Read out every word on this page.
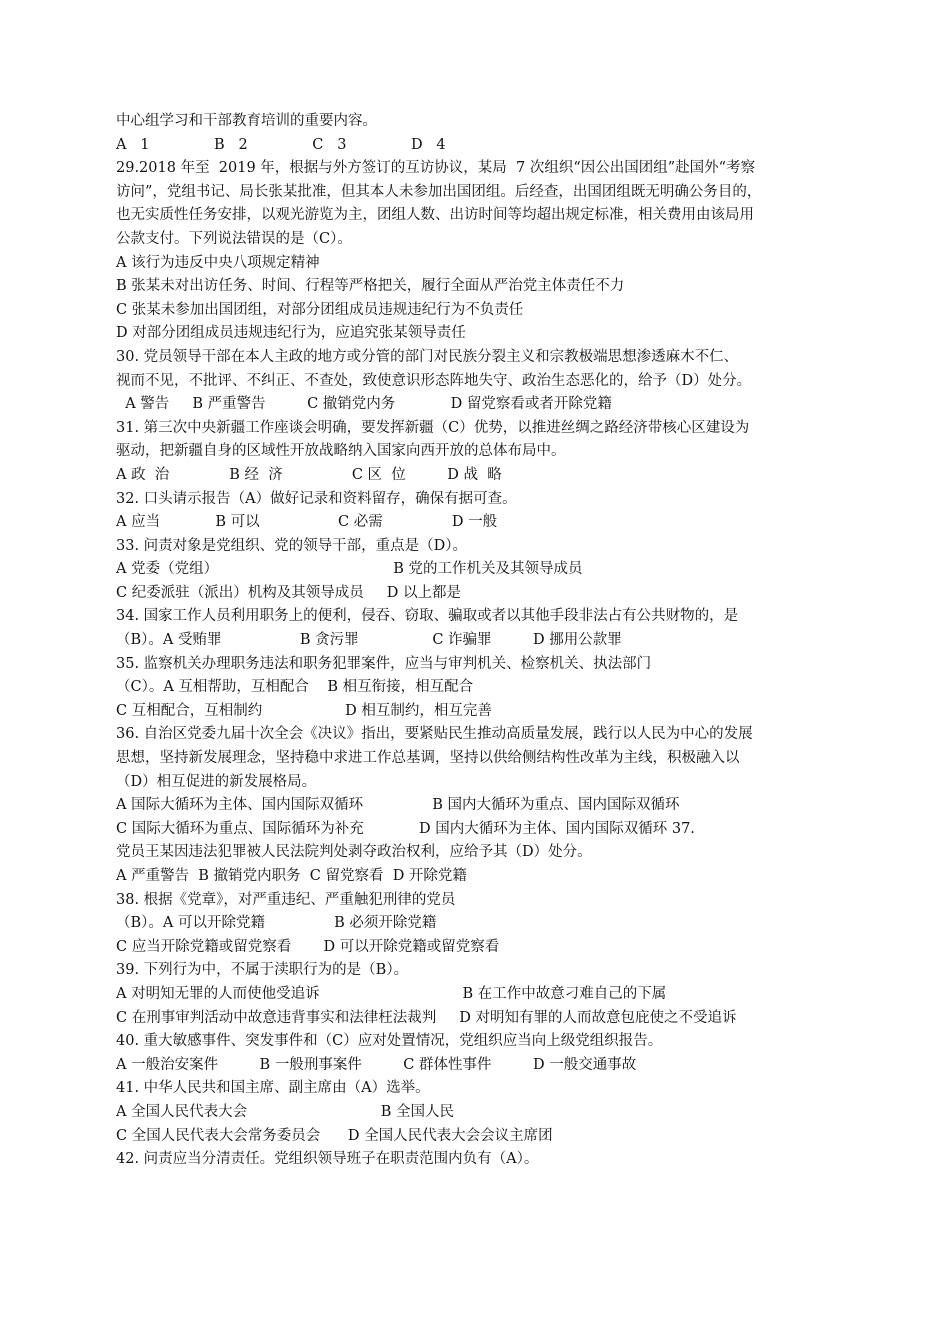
中心组学习和干部教育培训的重要内容。
A   1              B   2              C   3              D   4
29.2018 年至  2019 年，根据与外方签订的互访协议，某局  7 次组织“因公出国团组”赴国外“考察
访问”，党组书记、局长张某批准，但其本人未参加出国团组。后经查，出国团组既无明确公务目的，
也无实质性任务安排，以观光游览为主，团组人数、出访时间等均超出规定标准，相关费用由该局用
公款支付。下列说法错误的是（C）。
A 该行为违反中央八项规定精神
B 张某未对出访任务、时间、行程等严格把关，履行全面从严治党主体责任不力
C 张某未参加出国团组，对部分团组成员违规违纪行为不负责任
D 对部分团组成员违规违纪行为，应追究张某领导责任
30. 党员领导干部在本人主政的地方或分管的部门对民族分裂主义和宗教极端思想渗透麻木不仁、
视而不见，不批评、不纠正、不查处，致使意识形态阵地失守、政治生态恶化的，给予（D）处分。
A 警告     B 严重警告         C 撤销党内务            D 留党察看或者开除党籍
31. 第三次中央新疆工作座谈会明确，要发挥新疆（C）优势，以推进丝绸之路经济带核心区建设为
驱动，把新疆自身的区域性开放战略纳入国家向西开放的总体布局中。
A 政  治             B 经  济               C 区  位         D 战  略
32. 口头请示报告（A）做好记录和资料留存，确保有据可查。
A 应当            B 可以                 C 必需               D 一般
33. 问责对象是党组织、党的领导干部，重点是（D）。
A 党委（党组）                                      B 党的工作机关及其领导成员
C 纪委派驻（派出）机构及其领导成员     D 以上都是
34. 国家工作人员利用职务上的便利，侵吞、窃取、骗取或者以其他手段非法占有公共财物的，是
（B）。A 受贿罪                 B 贪污罪                C 诈骗罪         D 挪用公款罪
35. 监察机关办理职务违法和职务犯罪案件，应当与审判机关、检察机关、执法部门
（C）。A 互相帮助，互相配合    B 相互衔接，相互配合
C 互相配合，互相制约                  D 相互制约，相互完善
36. 自治区党委九届十次全会《决议》指出，要紧贴民生推动高质量发展，践行以人民为中心的发展
思想，坚持新发展理念，坚持稳中求进工作总基调，坚持以供给侧结构性改革为主线，积极融入以
（D）相互促进的新发展格局。
A 国际大循环为主体、国内国际双循环               B 国内大循环为重点、国内国际双循环
C 国际大循环为重点、国际循环为补充            D 国内大循环为主体、国内国际双循环 37.
党员王某因违法犯罪被人民法院判处剥夺政治权利，应给予其（D）处分。
A 严重警告  B 撤销党内职务  C 留党察看  D 开除党籍
38. 根据《党章》，对严重违纪、严重触犯刑律的党员
（B）。A 可以开除党籍               B 必须开除党籍
C 应当开除党籍或留党察看       D 可以开除党籍或留党察看
39. 下列行为中，不属于渎职行为的是（B）。
A 对明知无罪的人而使他受追诉                               B 在工作中故意刁难自己的下属
C 在刑事审判活动中故意违背事实和法律枉法裁判     D 对明知有罪的人而故意包庇使之不受追诉
40. 重大敏感事件、突发事件和（C）应对处置情况，党组织应当向上级党组织报告。
A 一般治安案件         B 一般刑事案件         C 群体性事件         D 一般交通事故
41. 中华人民共和国主席、副主席由（A）选举。
A 全国人民代表大会                             B 全国人民
C 全国人民代表大会常务委员会      D 全国人民代表大会会议主席团
42. 问责应当分清责任。党组织领导班子在职责范围内负有（A）。
